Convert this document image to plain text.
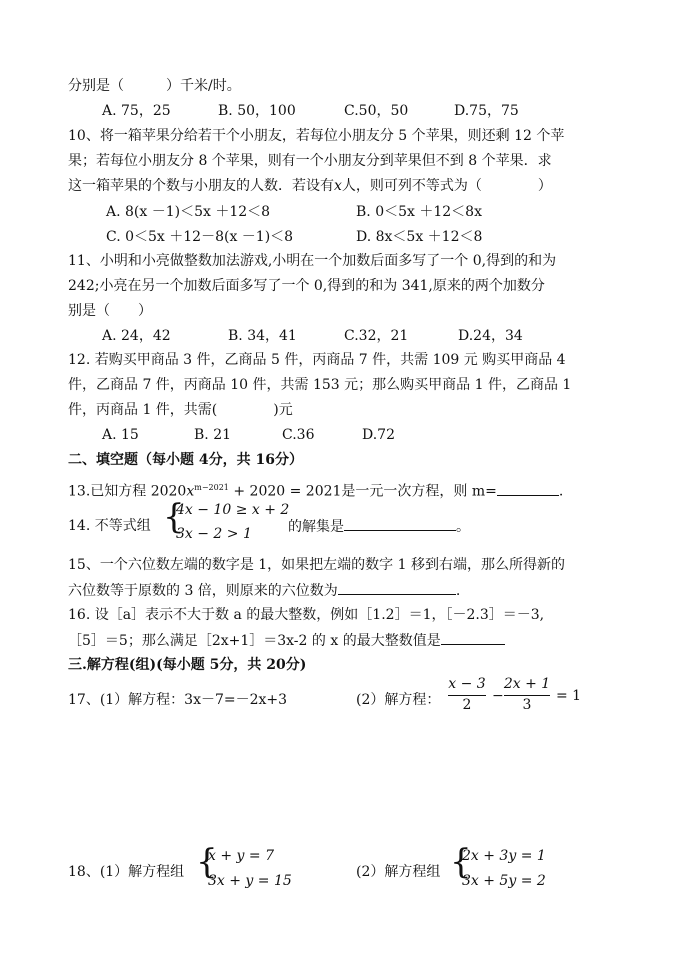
分别是（　　　）千米/时。
A. 75，25	B. 50，100	C.50，50	D.75，75
10、将一箱苹果分给若干个小朋友，若每位小朋友分 5 个苹果，则还剩 12 个苹
果；若每位小朋友分 8 个苹果，则有一个小朋友分到苹果但不到 8 个苹果．求
这一箱苹果的个数与小朋友的人数．若设有x人，则可列不等式为（　　　　）
A. 8(x －1)＜5x ＋12＜8	B. 0＜5x ＋12＜8x
C. 0＜5x ＋12－8(x －1)＜8	D. 8x＜5x ＋12＜8
11、小明和小亮做整数加法游戏,小明在一个加数后面多写了一个 0,得到的和为
242;小亮在另一个加数后面多写了一个 0,得到的和为 341,原来的两个加数分
别是（　　）
A. 24，42	B. 34，41	C.32，21	D.24，34
12. 若购买甲商品 3 件，乙商品 5 件，丙商品 7 件，共需 109 元 购买甲商品 4
件，乙商品 7 件，丙商品 10 件，共需 153 元；那么购买甲商品 1 件，乙商品 1
件，丙商品 1 件，共需(　　　　)元
A. 15	B. 21	C.36	D.72
二、填空题（每小题 4分，共 16分）
13.已知方程 $2020x^{m-2021} + 2020 = 2021$是一元一次方程，则 m=	.
14. 不等式组 {
4x − 10 ≥ x + 2
3x − 2 > 1	的解集是	。
15、一个六位数左端的数字是 1，如果把左端的数字 1 移到右端，那么所得新的
六位数等于原数的 3 倍，则原来的六位数为	.
16. 设［a］表示不大于数 a 的最大整数，例如［1.2］＝1，［－2.3］＝－3,
［5］＝5；那么满足［2x+1］＝3x-2 的 x 的最大整数值是
三.解方程(组)(每小题 5分，共 20分)
17、(1）解方程：3x－7=－2x+3	(2）解方程：
x − 3
2
−
2x + 1
3
= 1
18、(1）解方程组 {
x + y = 7
3x + y = 15
(2）解方程组 {
2x + 3y = 1
3x + 5y = 2
